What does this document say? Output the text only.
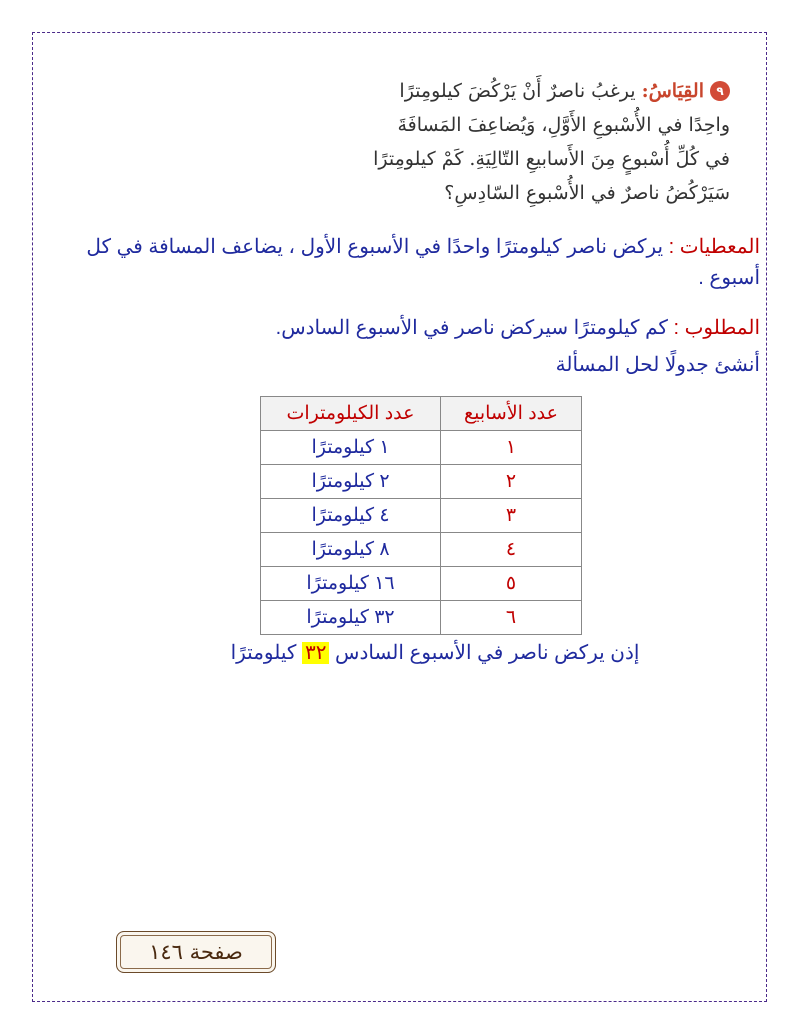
٩القِيَاسُ: يرغبُ ناصرٌ أَنْ يَرْكُضَ كيلومِترًا
واحِدًا في الأُسْبوعِ الأَوَّلِ، وَيُضاعِفَ المَسافَةَ
في كُلِّ أُسْبوعٍ مِنَ الأَسابيعِ التّالِيَةِ. كَمْ كيلومِترًا
سَيَرْكُضُ ناصرٌ في الأُسْبوعِ السّادِسِ؟
المعطيات : يركض ناصر كيلومترًا واحدًا في الأسبوع الأول ، يضاعف المسافة في كل أسبوع .
المطلوب : كم كيلومترًا سيركض ناصر في الأسبوع السادس.
أنشئ جدولًا لحل المسألة
عدد الأسابيع	عدد الكيلومترات
١	١ كيلومترًا
٢	٢ كيلومترًا
٣	٤ كيلومترًا
٤	٨ كيلومترًا
٥	١٦ كيلومترًا
٦	٣٢ كيلومترًا
إذن يركض ناصر في الأسبوع السادس ٣٢ كيلومترًا
صفحة ١٤٦
